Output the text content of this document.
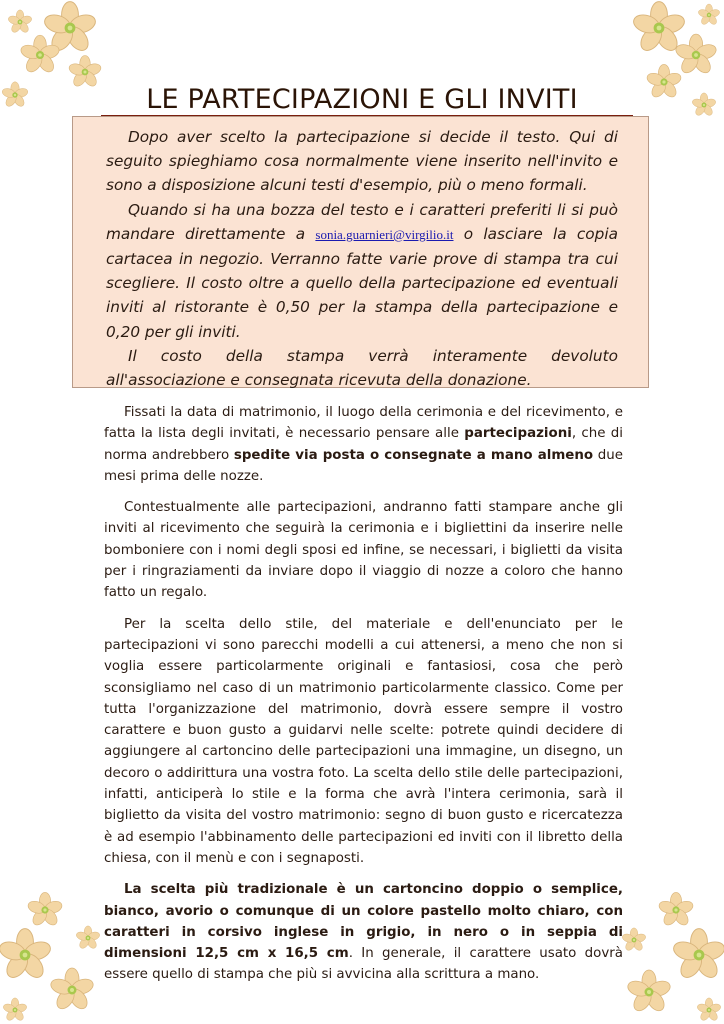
LE PARTECIPAZIONI E GLI INVITI

Dopo aver scelto la partecipazione si decide il testo. Qui di seguito spieghiamo cosa normalmente viene inserito nell'invito e sono a disposizione alcuni testi d'esempio, più o meno formali.

Quando si ha una bozza del testo e i caratteri preferiti li si può mandare direttamente a sonia.guarnieri@virgilio.it o lasciare la copia cartacea in negozio. Verranno fatte varie prove di stampa tra cui scegliere. Il costo oltre a quello della partecipazione ed eventuali inviti al ristorante è 0,50 per la stampa della partecipazione e 0,20 per gli inviti.

Il costo della stampa verrà interamente devoluto all'associazione e consegnata ricevuta della donazione.

Fissati la data di matrimonio, il luogo della cerimonia e del ricevimento, e fatta la lista degli invitati, è necessario pensare alle partecipazioni, che di norma andrebbero spedite via posta o consegnate a mano almeno due mesi prima delle nozze.

Contestualmente alle partecipazioni, andranno fatti stampare anche gli inviti al ricevimento che seguirà la cerimonia e i bigliettini da inserire nelle bomboniere con i nomi degli sposi ed infine, se necessari, i biglietti da visita per i ringraziamenti da inviare dopo il viaggio di nozze a coloro che hanno fatto un regalo.

Per la scelta dello stile, del materiale e dell'enunciato per le partecipazioni vi sono parecchi modelli a cui attenersi, a meno che non si voglia essere particolarmente originali e fantasiosi, cosa che però sconsigliamo nel caso di un matrimonio particolarmente classico. Come per tutta l'organizzazione del matrimonio, dovrà essere sempre il vostro carattere e buon gusto a guidarvi nelle scelte: potrete quindi decidere di aggiungere al cartoncino delle partecipazioni una immagine, un disegno, un decoro o addirittura una vostra foto. La scelta dello stile delle partecipazioni, infatti, anticiperà lo stile e la forma che avrà l'intera cerimonia, sarà il biglietto da visita del vostro matrimonio: segno di buon gusto e ricercatezza è ad esempio l'abbinamento delle partecipazioni ed inviti con il libretto della chiesa, con il menù e con i segnaposti.

La scelta più tradizionale è un cartoncino doppio o semplice, bianco, avorio o comunque di un colore pastello molto chiaro, con caratteri in corsivo inglese in grigio, in nero o in seppia di dimensioni 12,5 cm x 16,5 cm. In generale, il carattere usato dovrà essere quello di stampa che più si avvicina alla scrittura a mano.
